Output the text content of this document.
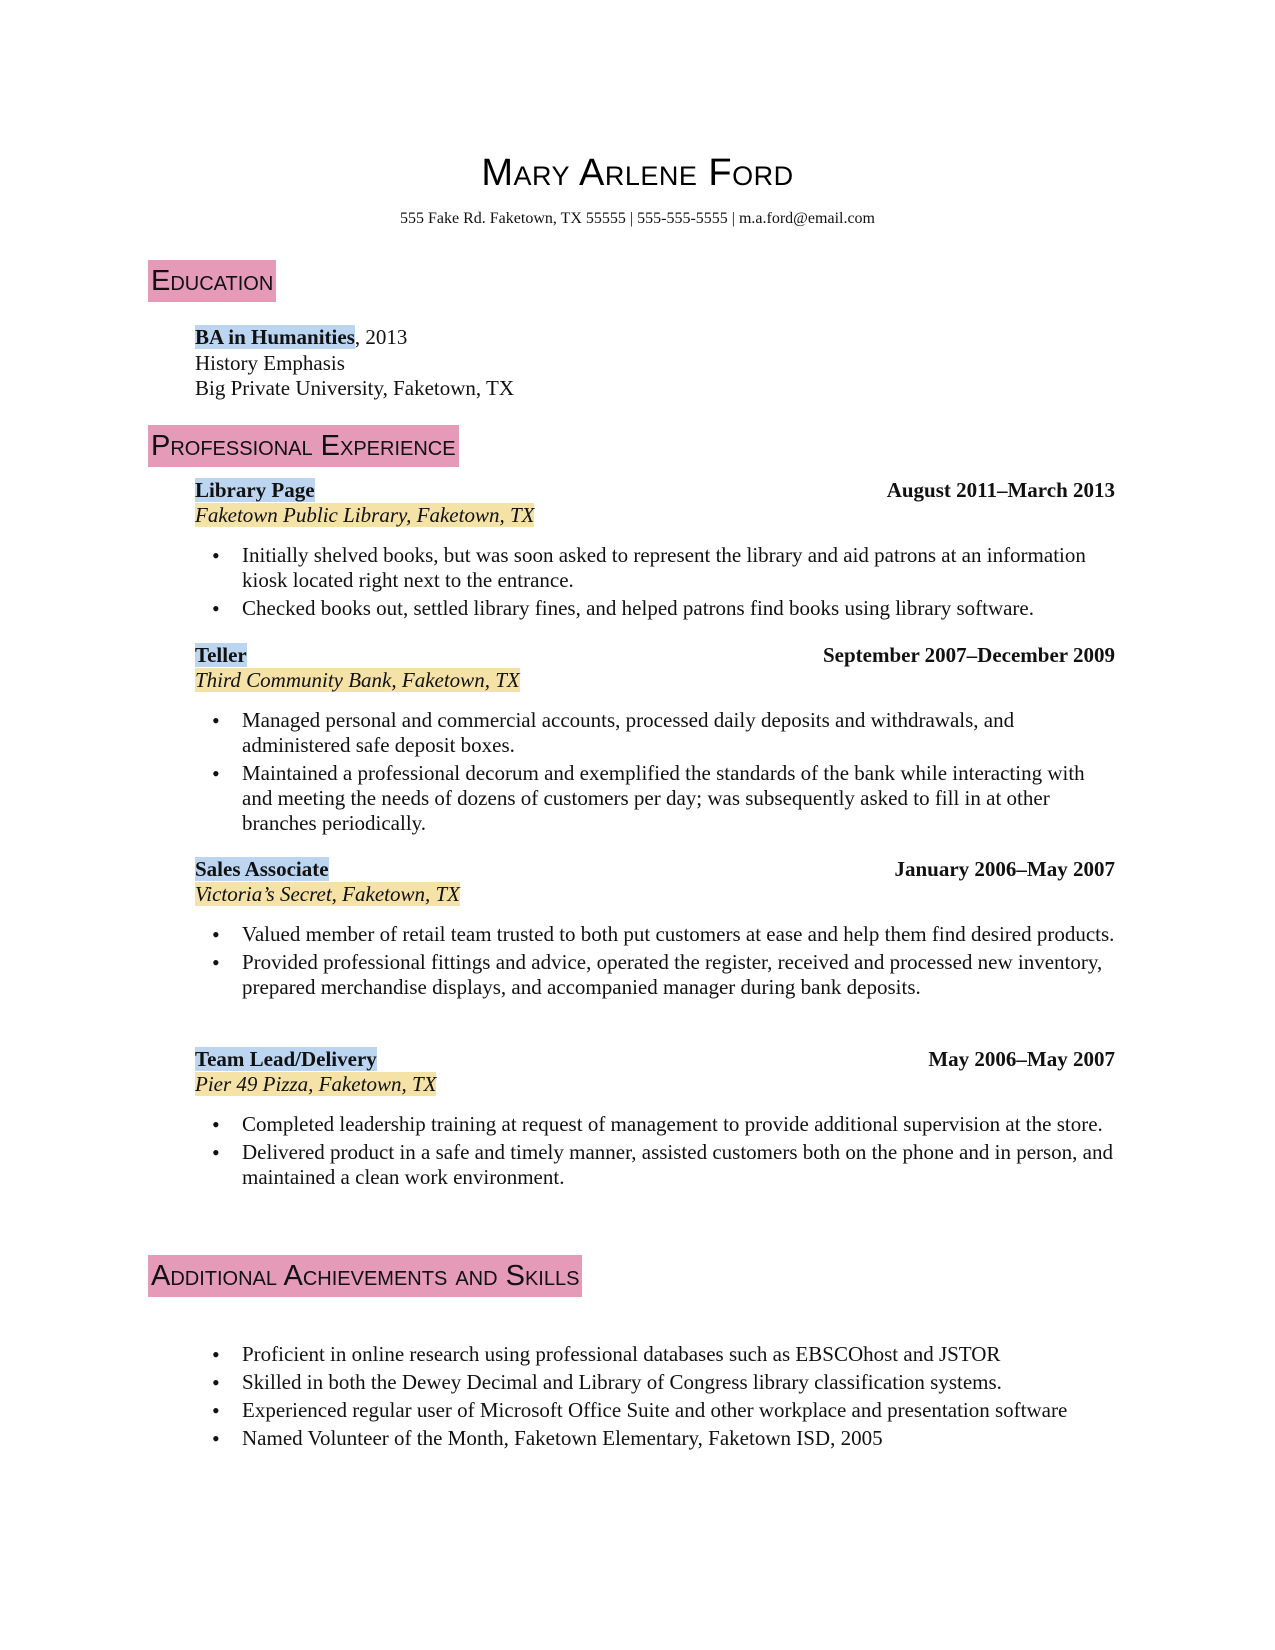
Mary Arlene Ford
555 Fake Rd. Faketown, TX 55555 | 555-555-5555 | m.a.ford@email.com
Education
BA in Humanities, 2013
History Emphasis
Big Private University, Faketown, TX
Professional Experience
Library Page	August 2011–March 2013
Faketown Public Library, Faketown, TX
• Initially shelved books, but was soon asked to represent the library and aid patrons at an information kiosk located right next to the entrance.
• Checked books out, settled library fines, and helped patrons find books using library software.
Teller	September 2007–December 2009
Third Community Bank, Faketown, TX
• Managed personal and commercial accounts, processed daily deposits and withdrawals, and administered safe deposit boxes.
• Maintained a professional decorum and exemplified the standards of the bank while interacting with and meeting the needs of dozens of customers per day; was subsequently asked to fill in at other branches periodically.
Sales Associate	January 2006–May 2007
Victoria’s Secret, Faketown, TX
• Valued member of retail team trusted to both put customers at ease and help them find desired products.
• Provided professional fittings and advice, operated the register, received and processed new inventory, prepared merchandise displays, and accompanied manager during bank deposits.
Team Lead/Delivery	May 2006–May 2007
Pier 49 Pizza, Faketown, TX
• Completed leadership training at request of management to provide additional supervision at the store.
• Delivered product in a safe and timely manner, assisted customers both on the phone and in person, and maintained a clean work environment.
Additional Achievements and Skills
• Proficient in online research using professional databases such as EBSCOhost and JSTOR
• Skilled in both the Dewey Decimal and Library of Congress library classification systems.
• Experienced regular user of Microsoft Office Suite and other workplace and presentation software
• Named Volunteer of the Month, Faketown Elementary, Faketown ISD, 2005
